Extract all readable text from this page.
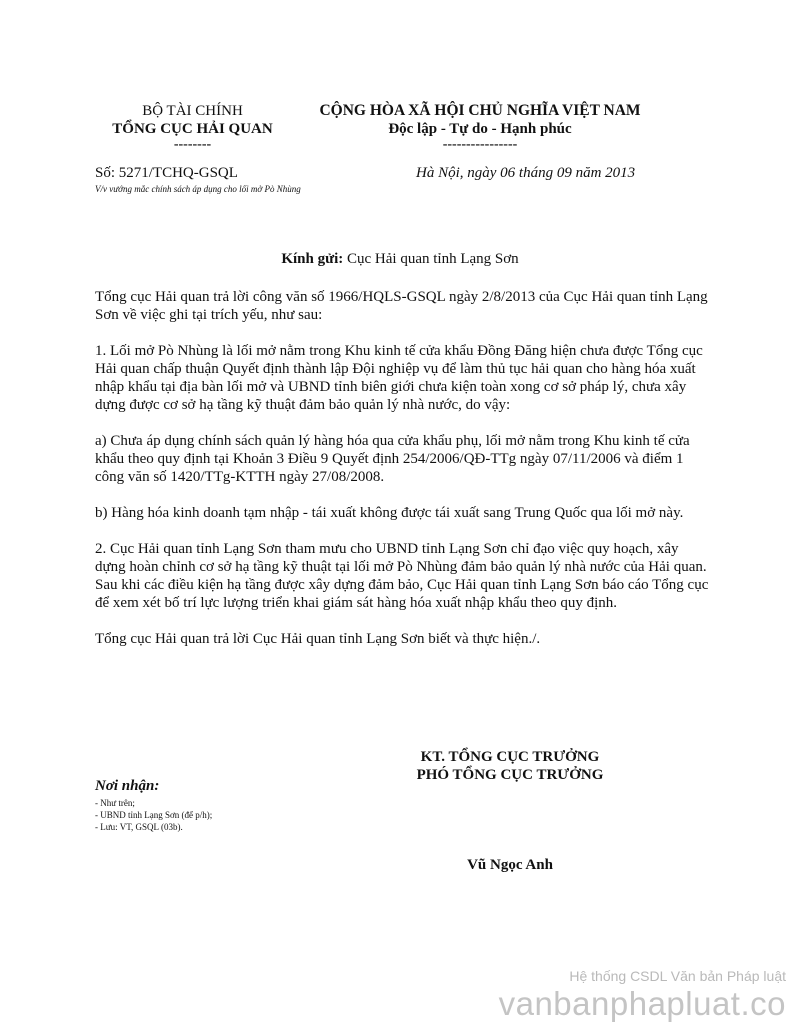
BỘ TÀI CHÍNH
TỔNG CỤC HẢI QUAN
--------
CỘNG HÒA XÃ HỘI CHỦ NGHĨA VIỆT NAM
Độc lập - Tự do - Hạnh phúc
----------------
Số: 5271/TCHQ-GSQL
V/v vướng mắc chính sách áp dụng cho lối mở Pò Nhùng
Hà Nội, ngày 06 tháng 09 năm 2013
Kính gửi: Cục Hải quan tỉnh Lạng Sơn

Tổng cục Hải quan trả lời công văn số 1966/HQLS-GSQL ngày 2/8/2013 của Cục Hải quan tỉnh Lạng Sơn về việc ghi tại trích yếu, như sau:

1. Lối mở Pò Nhùng là lối mở nằm trong Khu kinh tế cửa khẩu Đồng Đăng hiện chưa được Tổng cục Hải quan chấp thuận Quyết định thành lập Đội nghiệp vụ để làm thủ tục hải quan cho hàng hóa xuất nhập khẩu tại địa bàn lối mở và UBND tỉnh biên giới chưa kiện toàn xong cơ sở pháp lý, chưa xây dựng được cơ sở hạ tầng kỹ thuật đảm bảo quản lý nhà nước, do vậy:

a) Chưa áp dụng chính sách quản lý hàng hóa qua cửa khẩu phụ, lối mở nằm trong Khu kinh tế cửa khẩu theo quy định tại Khoản 3 Điều 9 Quyết định 254/2006/QĐ-TTg ngày 07/11/2006 và điểm 1 công văn số 1420/TTg-KTTH ngày 27/08/2008.

b) Hàng hóa kinh doanh tạm nhập - tái xuất không được tái xuất sang Trung Quốc qua lối mở này.

2. Cục Hải quan tỉnh Lạng Sơn tham mưu cho UBND tỉnh Lạng Sơn chỉ đạo việc quy hoạch, xây dựng hoàn chỉnh cơ sở hạ tầng kỹ thuật tại lối mở Pò Nhùng đảm bảo quản lý nhà nước của Hải quan. Sau khi các điều kiện hạ tầng được xây dựng đảm bảo, Cục Hải quan tỉnh Lạng Sơn báo cáo Tổng cục để xem xét bố trí lực lượng triển khai giám sát hàng hóa xuất nhập khẩu theo quy định.

Tổng cục Hải quan trả lời Cục Hải quan tỉnh Lạng Sơn biết và thực hiện./.

KT. TỔNG CỤC TRƯỞNG
PHÓ TỔNG CỤC TRƯỞNG
Vũ Ngọc Anh
Nơi nhận:
- Như trên;
- UBND tỉnh Lạng Sơn (để p/h);
- Lưu: VT, GSQL (03b).
Hệ thống CSDL Văn bản Pháp luật
vanbanphapluat.co
